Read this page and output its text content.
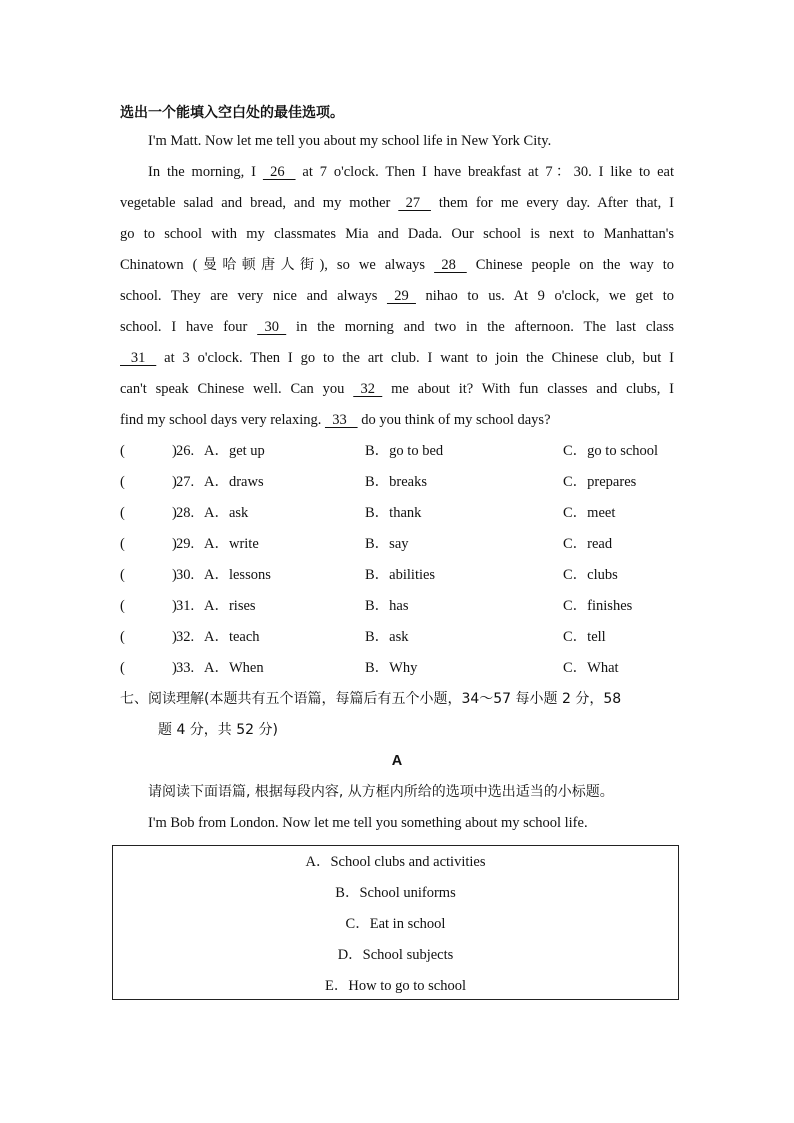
选出一个能填入空白处的最佳选项。
I'm Matt. Now let me tell you about my school life in New York City.
In the morning, I   26    at 7 o'clock. Then I have breakfast at 7：30. I like to eat
vegetable salad and bread, and my mother   27    them for me every day. After that, I
go to school with my classmates Mia and Dada. Our school is next to Manhattan's
Chinatown (曼哈顿唐人街), so we always   28    Chinese people on the way to
school. They are very nice and always   29   nihao to us. At 9 o'clock, we get to
school. I have four   30   in the morning and two in the afternoon. The last class
31    at 3 o'clock. Then I go to the art club. I want to join the Chinese club, but I
can't speak Chinese well. Can you   32   me about it? With fun classes and clubs, I
find my school days very relaxing.   33    do you think of my school days?
(	) 26. A．get up	B．go to bed	C．go to school
(	) 27. A．draws	B．breaks	C．prepares
(	) 28. A．ask	B．thank	C．meet
(	) 29. A．write	B．say	C．read
(	) 30. A．lessons	B．abilities	C．clubs
(	) 31. A．rises	B．has	C．finishes
(	) 32. A．teach	B．ask	C．tell
(	) 33. A．When	B．Why	C．What
七、阅读理解(本题共有五个语篇，每篇后有五个小题，34～57 每小题 2 分，58
题 4 分，共 52 分)
A
请阅读下面语篇, 根据每段内容, 从方框内所给的选项中选出适当的小标题。
I'm Bob from London. Now let me tell you something about my school life.
A．School clubs and activities
B．School uniforms
C．Eat in school
D．School subjects
E．How to go to school
